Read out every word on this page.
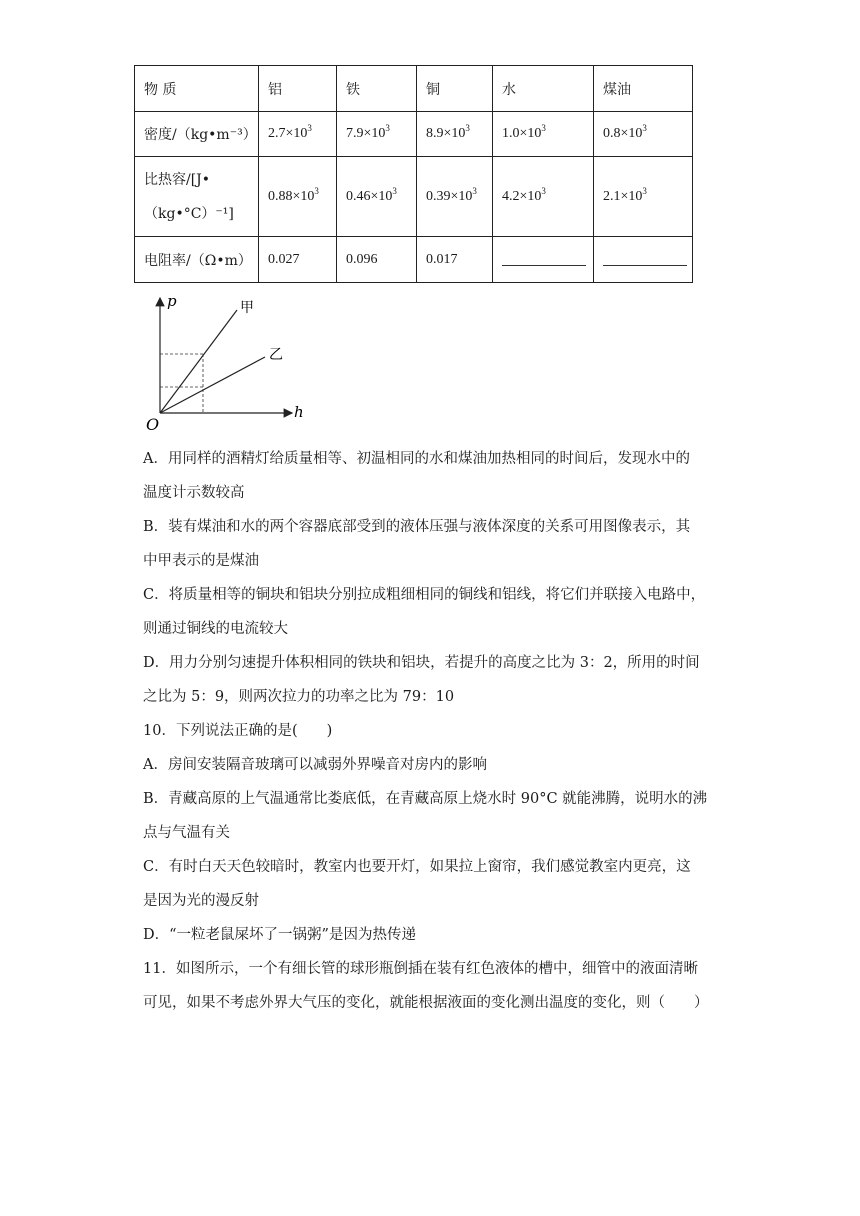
物 质	铝	铁	铜	水	煤油
密度/（kg•m⁻³）	$2.7\times 10^3$	$7.9\times 10^3$	$8.9\times 10^3$	$1.0\times 10^3$	$0.8\times 10^3$
比热容/[J•
（kg•°C）⁻¹]	$0.88\times 10^3$	$0.46\times 10^3$	$0.39\times 10^3$	$4.2\times 10^3$	$2.1\times 10^3$
电阻率/（Ω•m）	0.027	0.096	0.017	

p
h
O
甲
乙
A．用同样的酒精灯给质量相等、初温相同的水和煤油加热相同的时间后，发现水中的
温度计示数较高
B．装有煤油和水的两个容器底部受到的液体压强与液体深度的关系可用图像表示，其
中甲表示的是煤油
C．将质量相等的铜块和铝块分别拉成粗细相同的铜线和铝线，将它们并联接入电路中，
则通过铜线的电流较大
D．用力分别匀速提升体积相同的铁块和铝块，若提升的高度之比为 3：2，所用的时间
之比为 5：9，则两次拉力的功率之比为 79：10
10．下列说法正确的是(　　)
A．房间安装隔音玻璃可以减弱外界噪音对房内的影响
B．青藏高原的上气温通常比娄底低，在青藏高原上烧水时 90°C 就能沸腾，说明水的沸
点与气温有关
C．有时白天天色较暗时，教室内也要开灯，如果拉上窗帘，我们感觉教室内更亮，这
是因为光的漫反射
D．“一粒老鼠屎坏了一锅粥”是因为热传递
11．如图所示，一个有细长管的球形瓶倒插在装有红色液体的槽中，细管中的液面清晰
可见，如果不考虑外界大气压的变化，就能根据液面的变化测出温度的变化，则（　　）
